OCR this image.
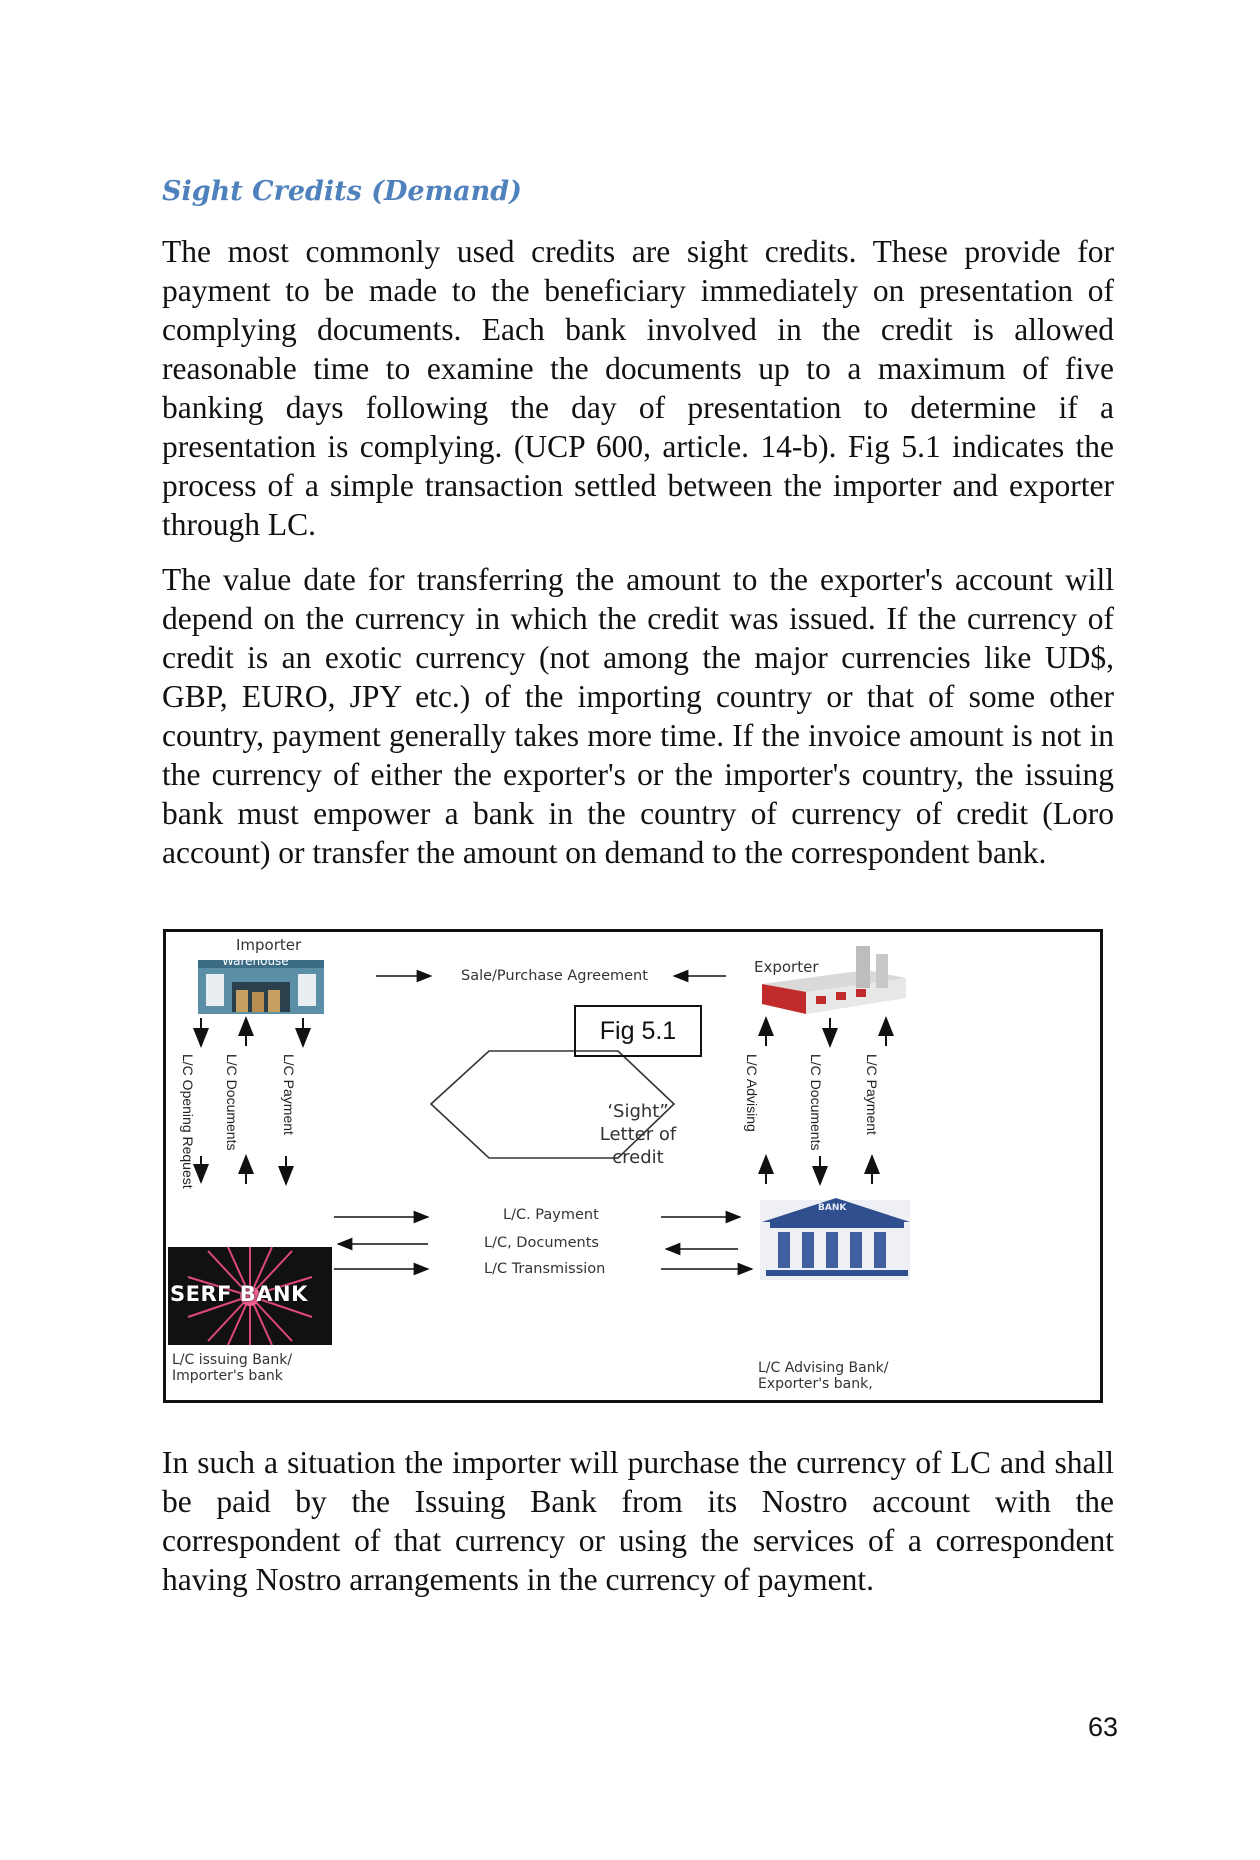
Sight Credits (Demand)

The most commonly used credits are sight credits. These provide for payment to be made to the beneficiary immediately on presentation of complying documents. Each bank involved in the credit is allowed reasonable time to examine the documents up to a maximum of five banking days following the day of presentation to determine if a presentation is complying. (UCP 600, article. 14-b). Fig 5.1 indicates the process of a simple transaction settled between the importer and exporter through LC.

The value date for transferring the amount to the exporter's account will depend on the currency in which the credit was issued. If the currency of credit is an exotic currency (not among the major currencies like UD$, GBP, EURO, JPY etc.) of the importing country or that of some other country, payment generally takes more time. If the invoice amount is not in the currency of either the exporter's or the importer's country, the issuing bank must empower a bank in the country of currency of credit (Loro account) or transfer the amount on demand to the correspondent bank.

Importer
Warehouse	Exporter
Sale/Purchase Agreement
Fig 5.1
‘Sight”
Letter of
credit
L/C Opening Request L/C Documents	L/C Payment	L/C Advising	L/C Documents	L/C Payment
SERF BANK
L/C. Payment
L/C, Documents
L/C Transmission
BANK
L/C issuing Bank/
Importer's bank	L/C Advising Bank/
Exporter's bank,

In such a situation the importer will purchase the currency of LC and shall be paid by the Issuing Bank from its Nostro account with the correspondent of that currency or using the services of a correspondent having Nostro arrangements in the currency of payment.

63
